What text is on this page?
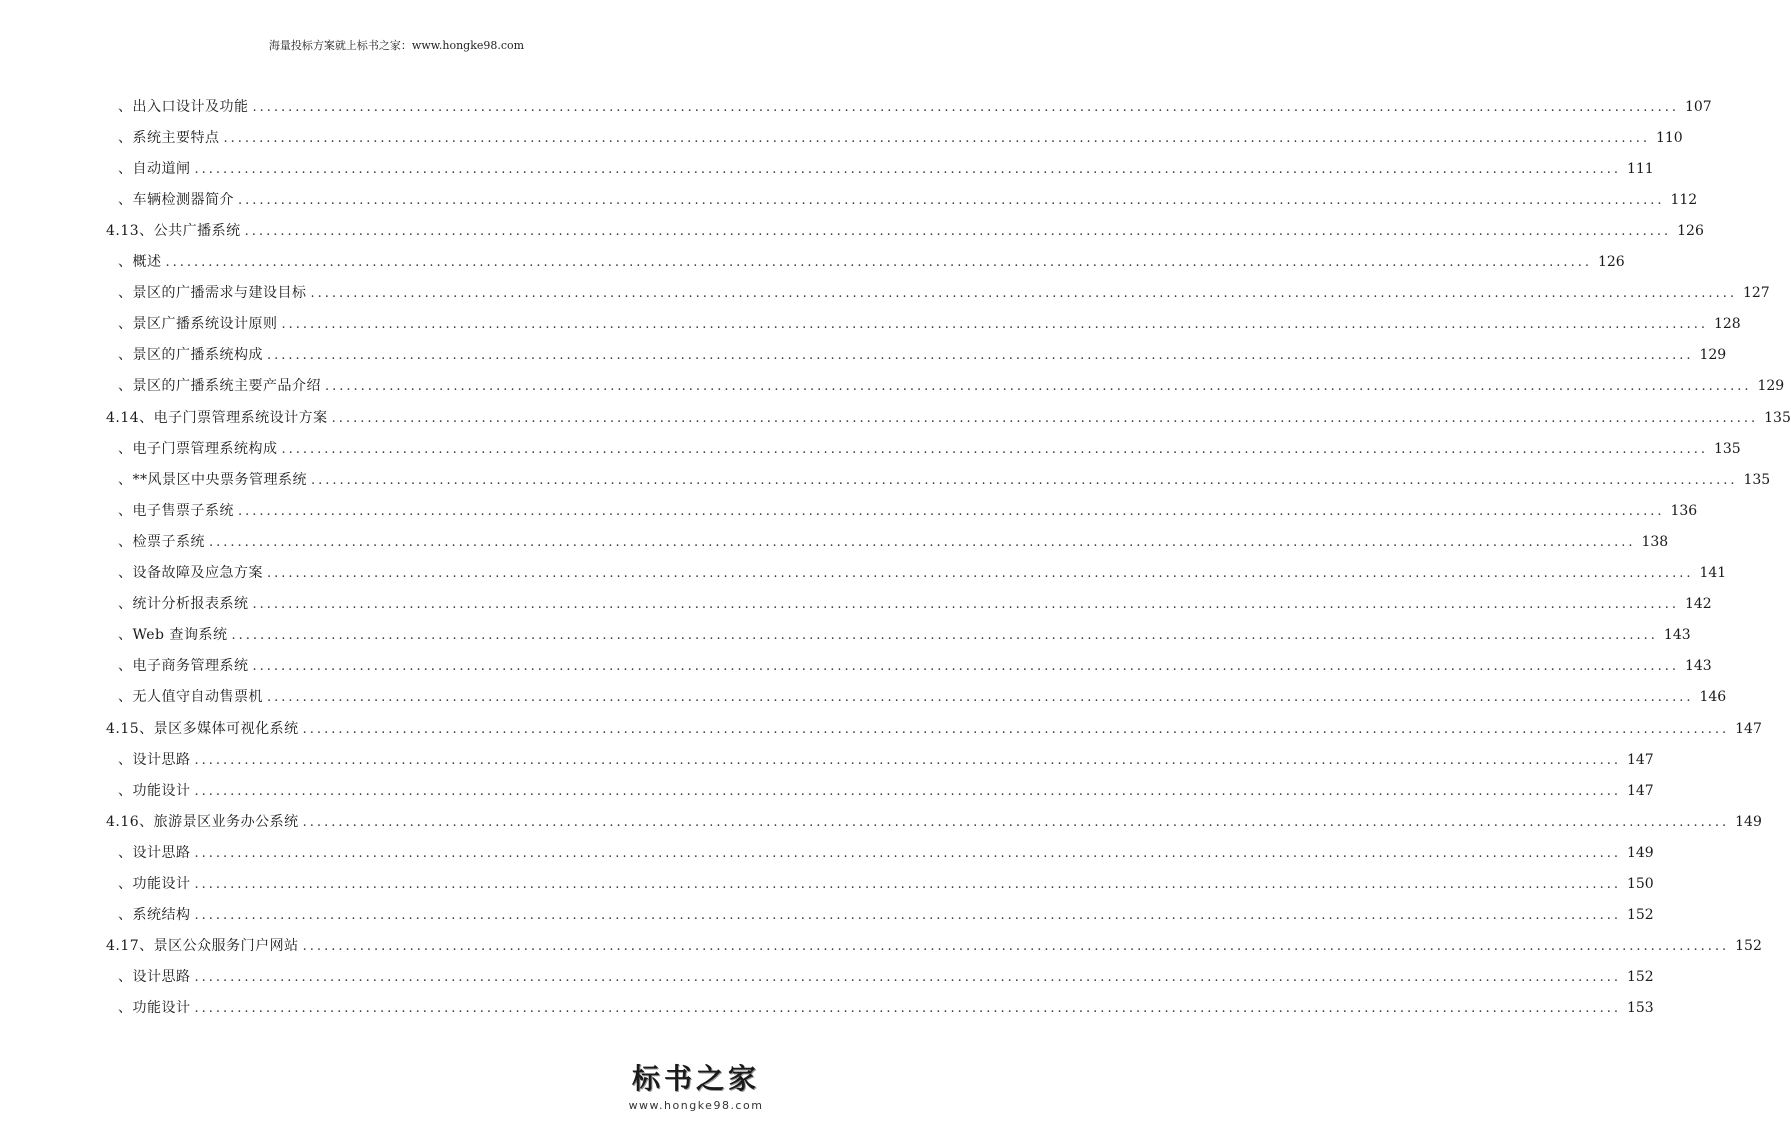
海量投标方案就上标书之家：www.hongke98.com
、出入口设计及功能 ........................................................................................................................................................................................................ 107
、系统主要特点 ........................................................................................................................................................................................................ 110
、自动道闸 ........................................................................................................................................................................................................ 111
、车辆检测器简介 ........................................................................................................................................................................................................ 112
4.13、公共广播系统 ........................................................................................................................................................................................................ 126
、概述 ........................................................................................................................................................................................................ 126
、景区的广播需求与建设目标 ........................................................................................................................................................................................................ 127
、景区广播系统设计原则 ........................................................................................................................................................................................................ 128
、景区的广播系统构成 ........................................................................................................................................................................................................ 129
、景区的广播系统主要产品介绍 ........................................................................................................................................................................................................ 129
4.14、电子门票管理系统设计方案 ........................................................................................................................................................................................................ 135
、电子门票管理系统构成 ........................................................................................................................................................................................................ 135
、**风景区中央票务管理系统 ........................................................................................................................................................................................................ 135
、电子售票子系统 ........................................................................................................................................................................................................ 136
、检票子系统 ........................................................................................................................................................................................................ 138
、设备故障及应急方案 ........................................................................................................................................................................................................ 141
、统计分析报表系统 ........................................................................................................................................................................................................ 142
、Web 查询系统 ........................................................................................................................................................................................................ 143
、电子商务管理系统 ........................................................................................................................................................................................................ 143
、无人值守自动售票机 ........................................................................................................................................................................................................ 146
4.15、景区多媒体可视化系统 ........................................................................................................................................................................................................ 147
、设计思路 ........................................................................................................................................................................................................ 147
、功能设计 ........................................................................................................................................................................................................ 147
4.16、旅游景区业务办公系统 ........................................................................................................................................................................................................ 149
、设计思路 ........................................................................................................................................................................................................ 149
、功能设计 ........................................................................................................................................................................................................ 150
、系统结构 ........................................................................................................................................................................................................ 152
4.17、景区公众服务门户网站 ........................................................................................................................................................................................................ 152
、设计思路 ........................................................................................................................................................................................................ 152
、功能设计 ........................................................................................................................................................................................................ 153
标书之家
www.hongke98.com
